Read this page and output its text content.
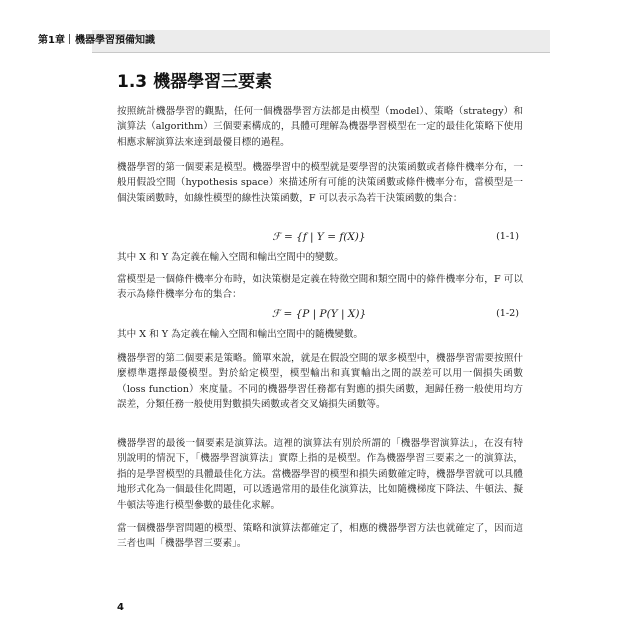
第1章 機器學習預備知識
1.3 機器學習三要素
按照統計機器學習的觀點，任何一個機器學習方法都是由模型（model）、策略（strategy）和演算法（algorithm）三個要素構成的，具體可理解為機器學習模型在一定的最佳化策略下使用相應求解演算法來達到最優目標的過程。
機器學習的第一個要素是模型。機器學習中的模型就是要學習的決策函數或者條件機率分布，一般用假設空間（hypothesis space）來描述所有可能的決策函數或條件機率分布，當模型是一個決策函數時，如線性模型的線性決策函數，F 可以表示為若干決策函數的集合：
ℱ = {f | Y = f(X)}	(1-1)
其中 X 和 Y 為定義在輸入空間和輸出空間中的變數。
當模型是一個條件機率分布時，如決策樹是定義在特徵空間和類空間中的條件機率分布，F 可以表示為條件機率分布的集合：
ℱ = {P | P(Y | X)}	(1-2)
其中 X 和 Y 為定義在輸入空間和輸出空間中的隨機變數。
機器學習的第二個要素是策略。簡單來說，就是在假設空間的眾多模型中，機器學習需要按照什麼標準選擇最優模型。對於給定模型，模型輸出和真實輸出之間的誤差可以用一個損失函數（loss function）來度量。不同的機器學習任務都有對應的損失函數，迴歸任務一般使用均方誤差，分類任務一般使用對數損失函數或者交叉熵損失函數等。
機器學習的最後一個要素是演算法。這裡的演算法有別於所謂的「機器學習演算法」，在沒有特別說明的情況下，「機器學習演算法」實際上指的是模型。作為機器學習三要素之一的演算法，指的是學習模型的具體最佳化方法。當機器學習的模型和損失函數確定時，機器學習就可以具體地形式化為一個最佳化問題，可以透過常用的最佳化演算法，比如隨機梯度下降法、牛頓法、擬牛頓法等進行模型參數的最佳化求解。
當一個機器學習問題的模型、策略和演算法都確定了，相應的機器學習方法也就確定了，因而這三者也叫「機器學習三要素」。
4
